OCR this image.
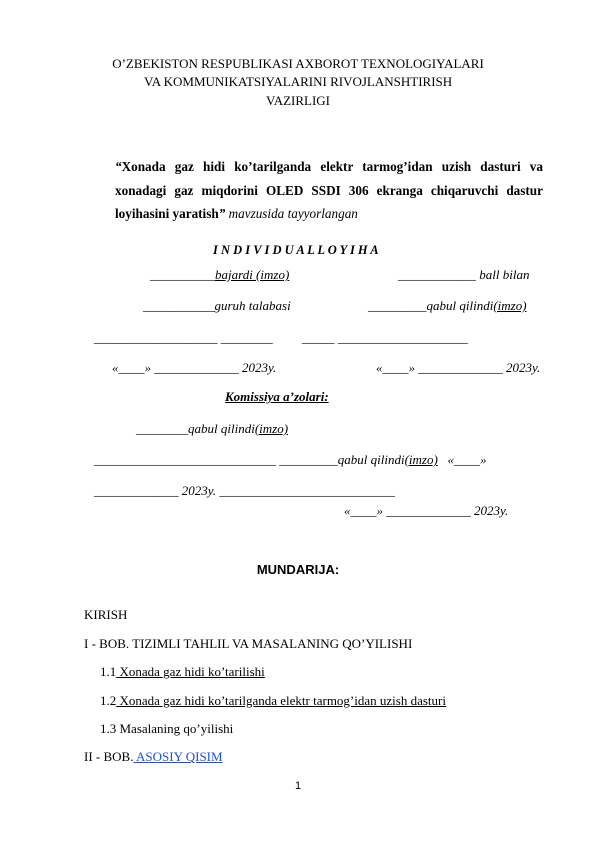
O’ZBEKISTON RESPUBLIKASI AXBOROT TEXNOLOGIYALARI
VA KOMMUNIKATSIYALARINI RIVOJLANSHTIRISH
VAZIRLIGI
“Xonada gaz hidi ko’tarilganda elektr tarmog’idan uzish dasturi va xonadagi gaz miqdorini OLED SSDI 306 ekranga chiqaruvchi dastur loyihasini yaratish” mavzusida tayyorlangan
I N D I V I D U A L L O Y I H A
__________bajardi (imzo)	____________ ball bilan
___________guruh talabasi	_________qabul qilindi(imzo)
___________________ ________ _____ ____________________
«____» _____________ 2023y.	«____» _____________ 2023y.
Komissiya a’zolari:
________qabul qilindi(imzo)
____________________________ _________qabul qilindi(imzo) «____»
_____________ 2023y. ___________________________
«____» _____________ 2023y.
MUNDARIJA:
KIRISH
I - BOB. TIZIMLI TAHLIL VA MASALANING QO’YILISHI
1.1 Xonada gaz hidi ko’tarilishi
1.2 Xonada gaz hidi ko’tarilganda elektr tarmog’idan uzish dasturi
1.3 Masalaning qo’yilishi
II - BOB. ASOSIY QISIM
1
